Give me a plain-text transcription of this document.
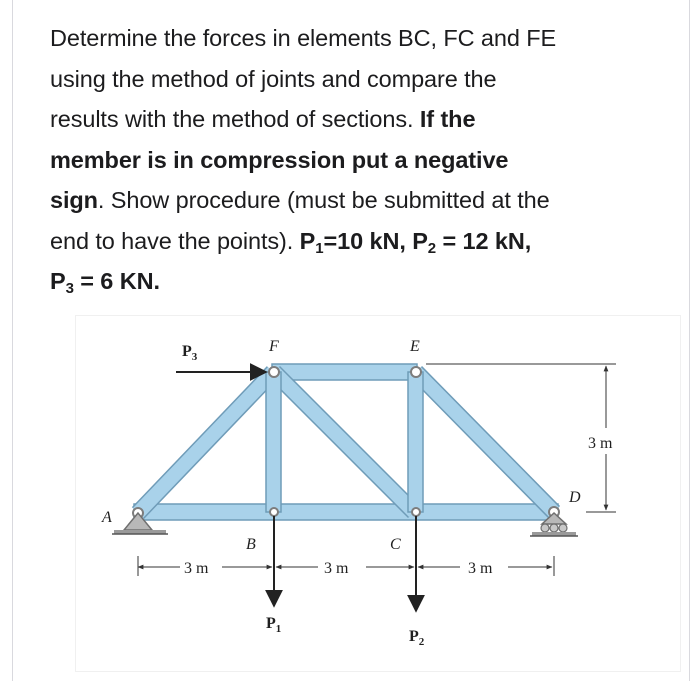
Determine the forces in elements BC, FC and FE
using the method of joints and compare the
results with the method of sections. If the
member is in compression put a negative
sign. Show procedure (must be submitted at the
end to have the points). $P_1=10$ kN, $P_2 = 12$ kN,
$P_3 = 6$ KN.
A
B	C
D
E
F
$P_3$
$P_1$	$P_2$
3 m	3 m	3 m
3 m
